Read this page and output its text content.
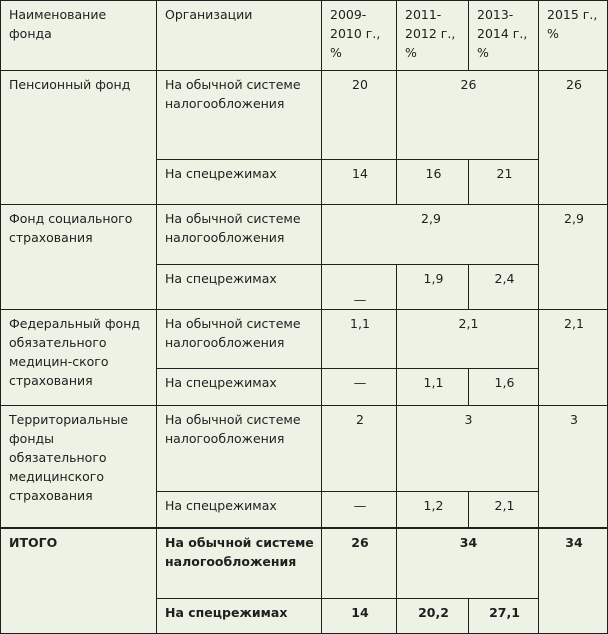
Наименование фонда	Организации	2009-2010 г., %	2011-2012 г., %	2013-2014 г., %	2015 г., %
Пенсионный фонд	На обычной системе налогообложения	20	26		26
	На спецрежимах	14	16	21	
Фонд социального страхования	На обычной системе налогообложения	2,9			2,9
	На спецрежимах	—	1,9	2,4	
Федеральный фонд обязательного медицин-ского страхования	На обычной системе налогообложения	1,1	2,1		2,1
	На спецрежимах	—	1,1	1,6	
Территориальные фонды обязательного медицинского страхования	На обычной системе налогообложения	2	3		3
	На спецрежимах	—	1,2	2,1	
ИТОГО	На обычной системе налогообложения	26	34		34
	На спецрежимах	14	20,2	27,1	
